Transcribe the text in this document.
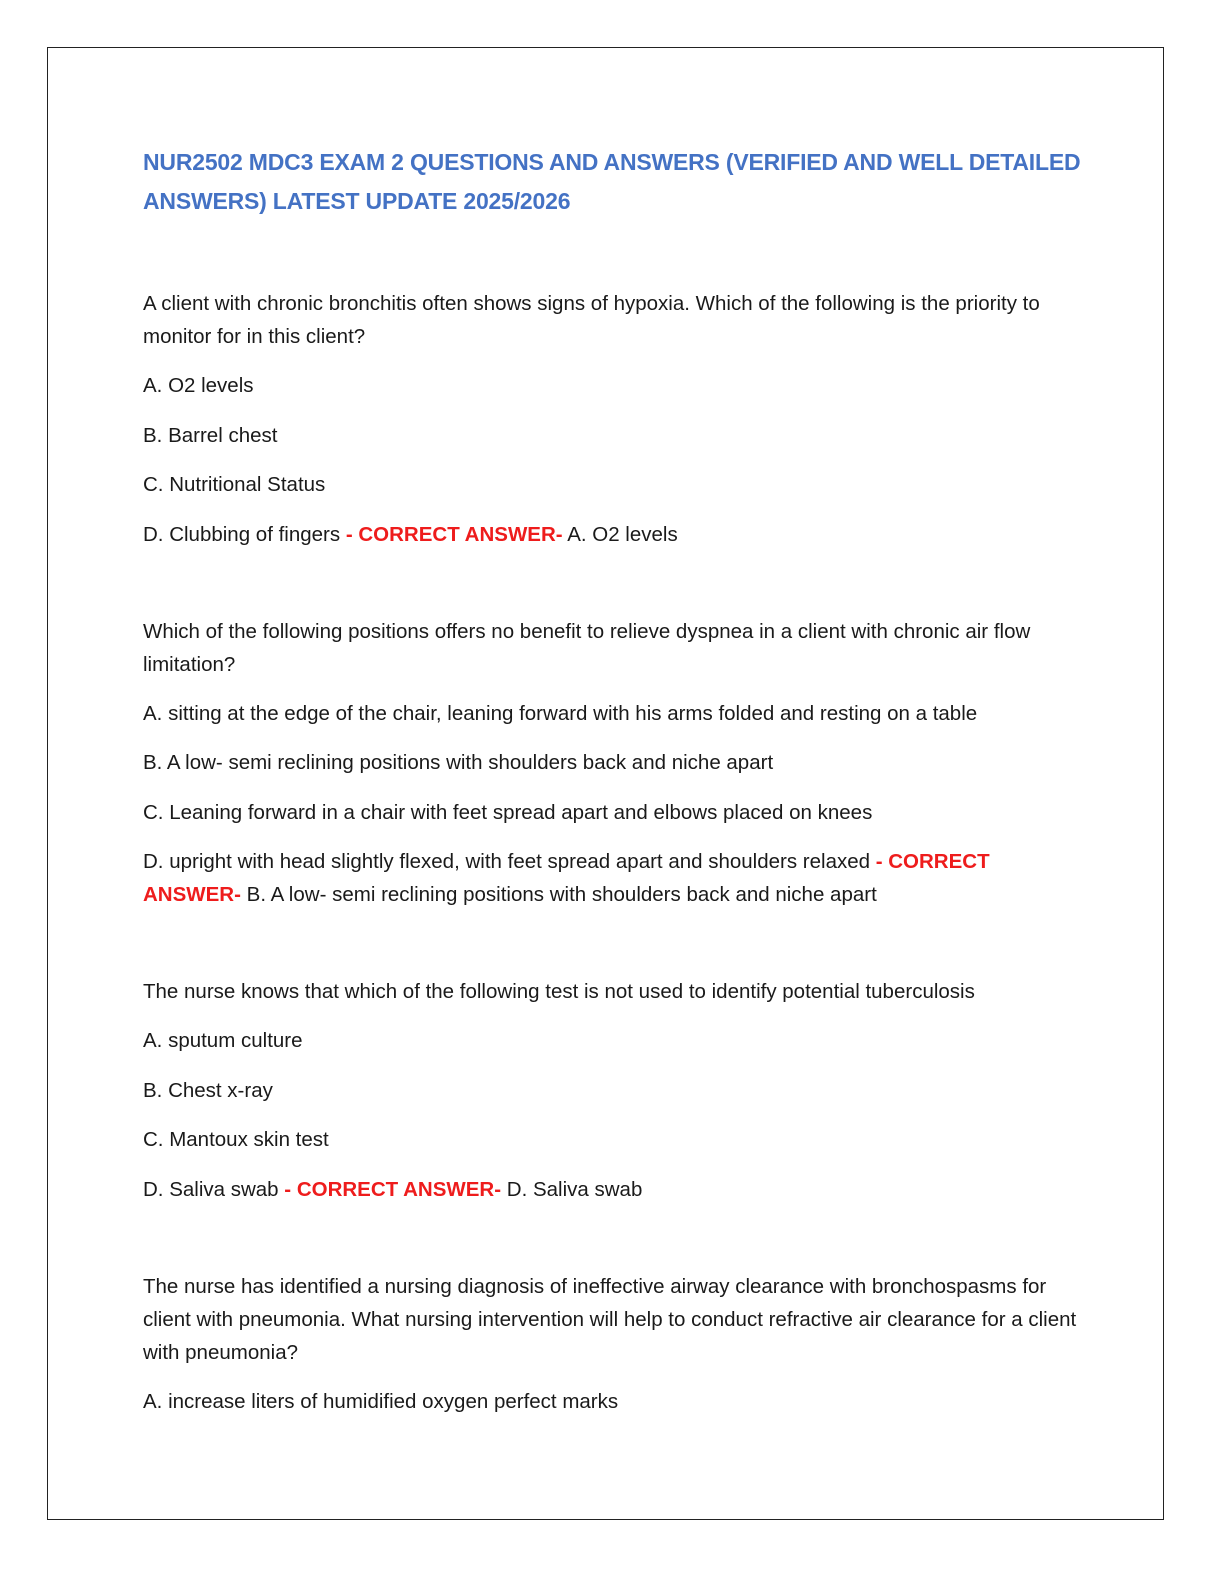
NUR2502 MDC3 EXAM 2 QUESTIONS AND ANSWERS (VERIFIED AND WELL DETAILED ANSWERS) LATEST UPDATE 2025/2026

A client with chronic bronchitis often shows signs of hypoxia. Which of the following is the priority to monitor for in this client?

A. O2 levels

B. Barrel chest

C. Nutritional Status

D. Clubbing of fingers - CORRECT ANSWER- A. O2 levels

Which of the following positions offers no benefit to relieve dyspnea in a client with chronic air flow limitation?

A. sitting at the edge of the chair, leaning forward with his arms folded and resting on a table

B. A low- semi reclining positions with shoulders back and niche apart

C. Leaning forward in a chair with feet spread apart and elbows placed on knees

D. upright with head slightly flexed, with feet spread apart and shoulders relaxed - CORRECT ANSWER- B. A low- semi reclining positions with shoulders back and niche apart

The nurse knows that which of the following test is not used to identify potential tuberculosis

A. sputum culture

B. Chest x-ray

C. Mantoux skin test

D. Saliva swab - CORRECT ANSWER- D. Saliva swab

The nurse has identified a nursing diagnosis of ineffective airway clearance with bronchospasms for client with pneumonia. What nursing intervention will help to conduct refractive air clearance for a client with pneumonia?

A. increase liters of humidified oxygen perfect marks
